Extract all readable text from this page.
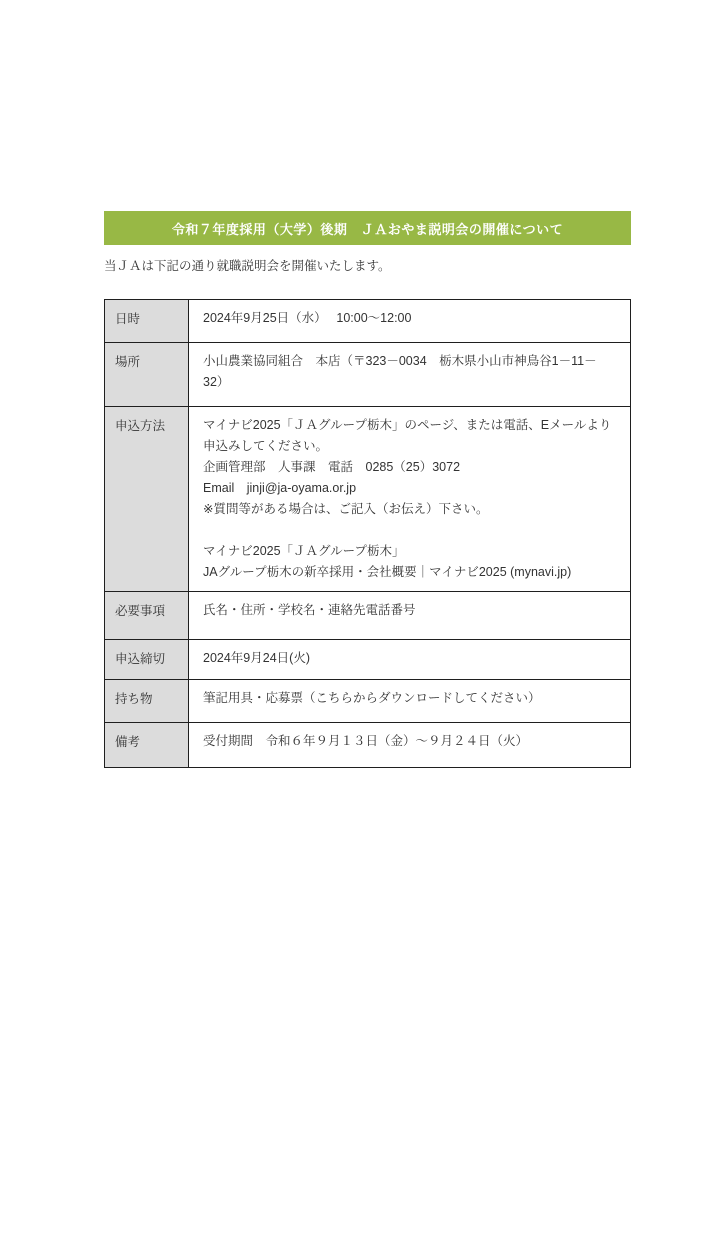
令和７年度採用（大学）後期　ＪＡおやま説明会の開催について
当ＪＡは下記の通り就職説明会を開催いたします。
日時	2024年9月25日（水）　 10:00～12:00

場所	小山農業協同組合　本店（〒323－0034　栃木県小山市神鳥谷1－11－
32）

申込方法	マイナビ2025「ＪＡグループ栃木」のページ、または電話、Eメールより
申込みしてください。
企画管理部　人事課　電話　0285（25）3072
Email　jinji@ja-oyama.or.jp
※質問等がある場合は、ご記入（お伝え）下さい。
マイナビ2025「ＪＡグループ栃木」
JAグループ栃木の新卒採用・会社概要｜マイナビ2025 (mynavi.jp)

必要事項	氏名・住所・学校名・連絡先電話番号

申込締切	2024年9月24日(火)

持ち物	筆記用具・応募票（こちらからダウンロードしてください）

備考	受付期間　令和６年９月１３日（金）～９月２４日（火）
